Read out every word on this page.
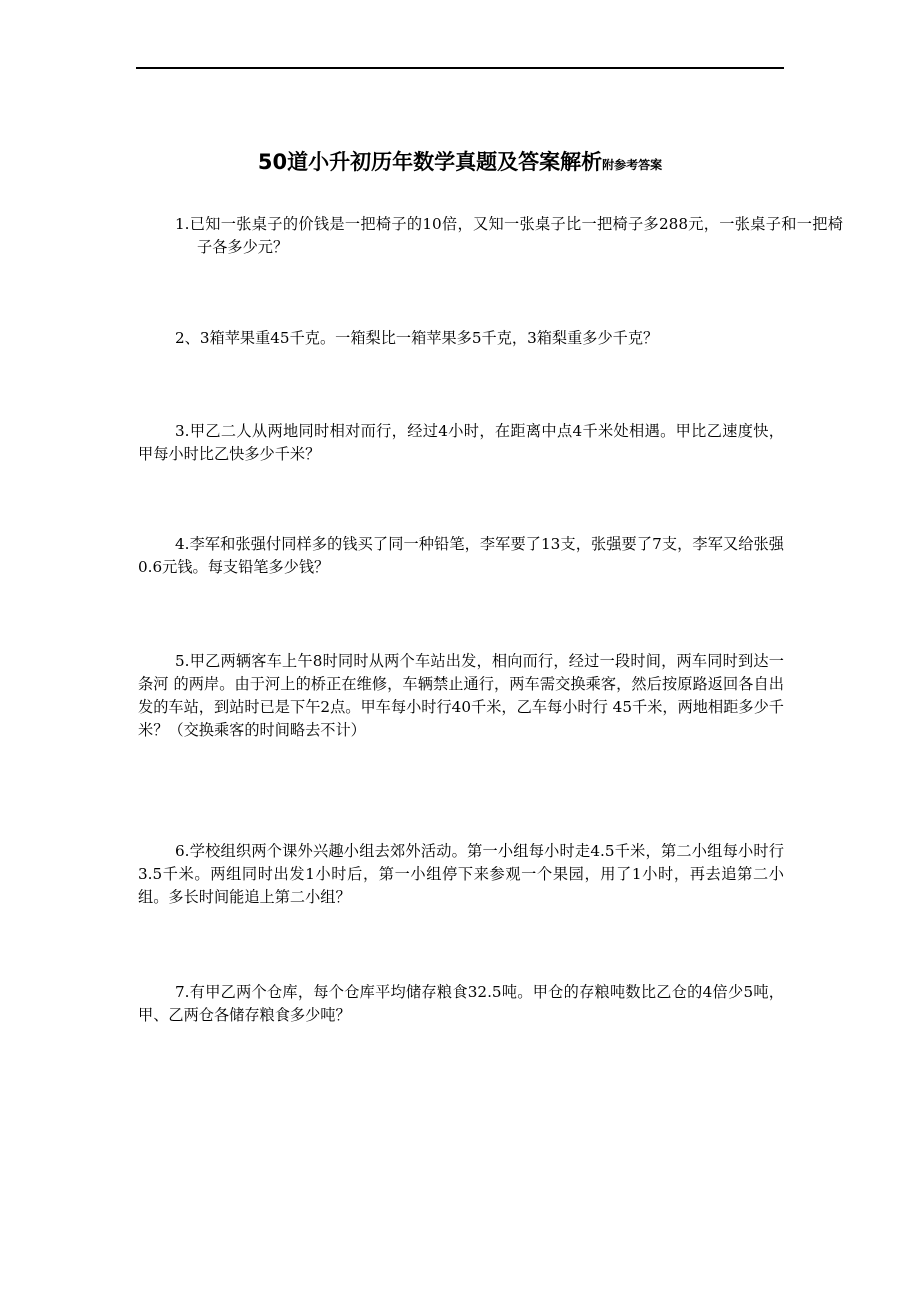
50道小升初历年数学真题及答案解析附参考答案

1.已知一张桌子的价钱是一把椅子的10倍，又知一张桌子比一把椅子多288元，一张桌子和一把椅子各多少元？

2、3箱苹果重45千克。一箱梨比一箱苹果多5千克，3箱梨重多少千克？

3.甲乙二人从两地同时相对而行，经过4小时，在距离中点4千米处相遇。甲比乙速度快，甲每小时比乙快多少千米？

4.李军和张强付同样多的钱买了同一种铅笔，李军要了13支，张强要了7支，李军又给张强0.6元钱。每支铅笔多少钱？

5.甲乙两辆客车上午8时同时从两个车站出发，相向而行，经过一段时间，两车同时到达一条河 的两岸。由于河上的桥正在维修，车辆禁止通行，两车需交换乘客，然后按原路返回各自出发的车站，到站时已是下午2点。甲车每小时行40千米，乙车每小时行 45千米，两地相距多少千米？（交换乘客的时间略去不计）

6.学校组织两个课外兴趣小组去郊外活动。第一小组每小时走4.5千米，第二小组每小时行3.5千米。两组同时出发1小时后，第一小组停下来参观一个果园，用了1小时，再去追第二小组。多长时间能追上第二小组？

7.有甲乙两个仓库，每个仓库平均储存粮食32.5吨。甲仓的存粮吨数比乙仓的4倍少5吨，甲、乙两仓各储存粮食多少吨？
